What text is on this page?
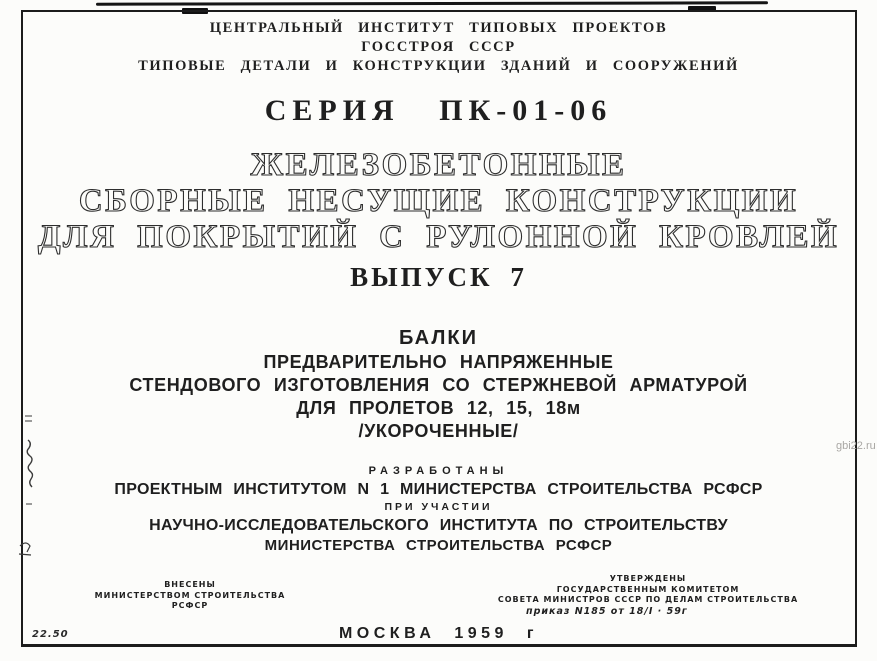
ЦЕНТРАЛЬНЫЙ ИНСТИТУТ ТИПОВЫХ ПРОЕКТОВ
ГОССТРОЯ СССР
ТИПОВЫЕ ДЕТАЛИ И КОНСТРУКЦИИ ЗДАНИЙ И СООРУЖЕНИЙ
СЕРИЯ ПК-01-06
ЖЕЛЕЗОБЕТОННЫЕ
СБОРНЫЕ НЕСУЩИЕ КОНСТРУКЦИИ
ДЛЯ ПОКРЫТИЙ С РУЛОННОЙ КРОВЛЕЙ
ВЫПУСК 7
БАЛКИ
ПРЕДВАРИТЕЛЬНО НАПРЯЖЕННЫЕ
СТЕНДОВОГО ИЗГОТОВЛЕНИЯ СО СТЕРЖНЕВОЙ АРМАТУРОЙ
ДЛЯ ПРОЛЕТОВ 12, 15, 18м
/УКОРОЧЕННЫЕ/
РАЗРАБОТАНЫ
ПРОЕКТНЫМ ИНСТИТУТОМ N 1 МИНИСТЕРСТВА СТРОИТЕЛЬСТВА РСФСР
ПРИ УЧАСТИИ
НАУЧНО-ИССЛЕДОВАТЕЛЬСКОГО ИНСТИТУТА ПО СТРОИТЕЛЬСТВУ
МИНИСТЕРСТВА СТРОИТЕЛЬСТВА РСФСР
ВНЕСЕНЫ
МИНИСТЕРСТВОМ СТРОИТЕЛЬСТВА
РСФСР
УТВЕРЖДЕНЫ
ГОСУДАРСТВЕННЫМ КОМИТЕТОМ
СОВЕТА МИНИСТРОВ СССР ПО ДЕЛАМ СТРОИТЕЛЬСТВА
приказ N185 от 18/I · 59г
МОСКВА 1959 г
22.50
gbi22.ru
